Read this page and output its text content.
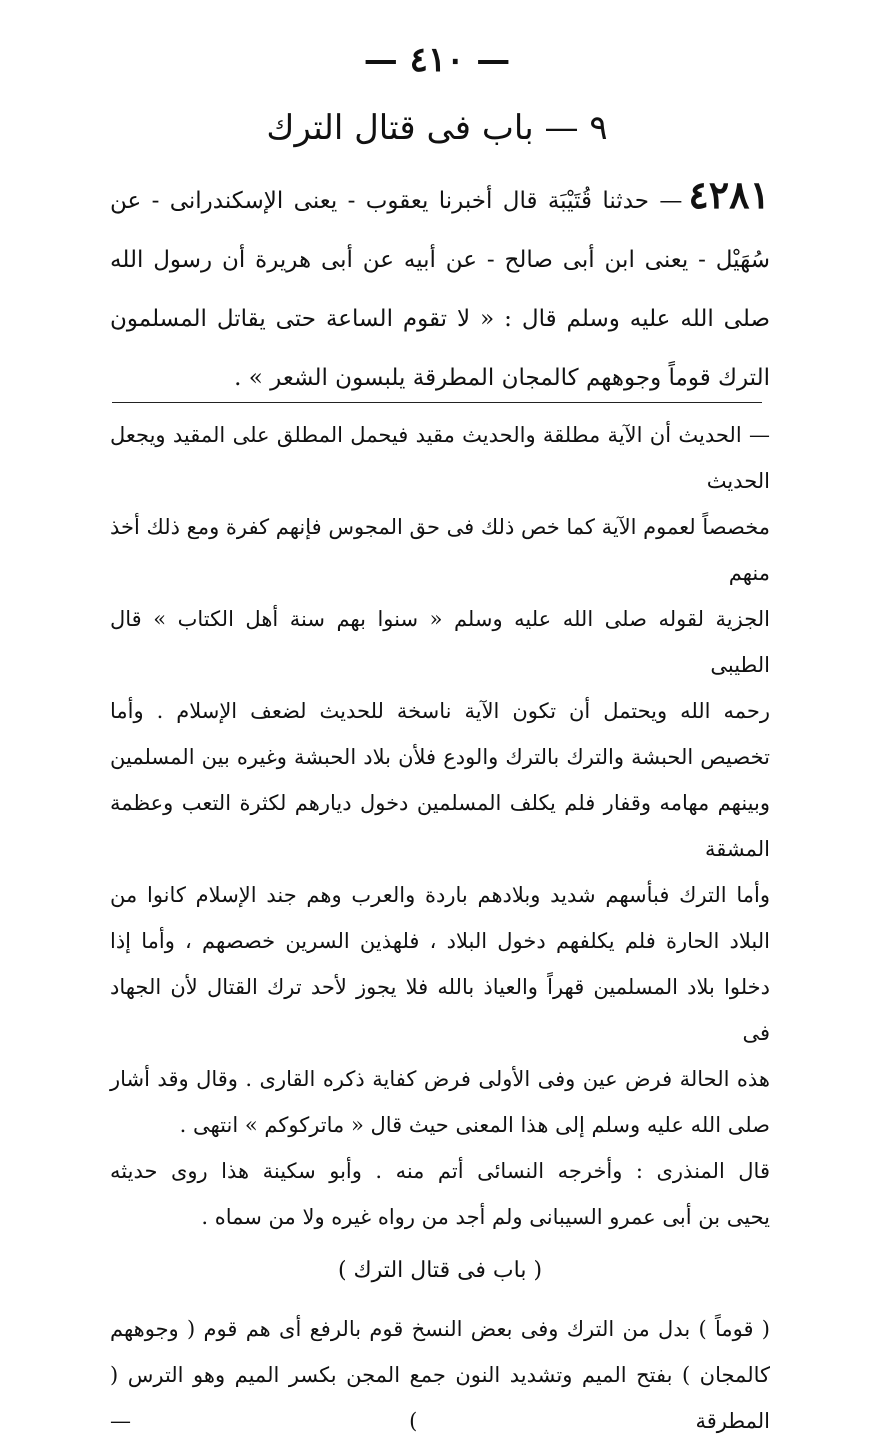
— ٤١٠ —
٩ — باب فى قتال الترك
٤٢٨١— حدثنا قُتَيْبَة قال أخبرنا يعقوب - يعنى الإسكندرانى - عن سُهَيْل - يعنى ابن أبى صالح - عن أبيه عن أبى هريرة أن رسول الله صلى الله عليه وسلم قال : « لا تقوم الساعة حتى يقاتل المسلمون الترك قوماً وجوههم كالمجان المطرقة يلبسون الشعر » .

— الحديث أن الآية مطلقة والحديث مقيد فيحمل المطلق على المقيد ويجعل الحديث

مخصصاً لعموم الآية كما خص ذلك فى حق المجوس فإنهم كفرة ومع ذلك أخذ منهم

الجزية لقوله صلى الله عليه وسلم « سنوا بهم سنة أهل الكتاب » قال الطيبى

رحمه الله ويحتمل أن تكون الآية ناسخة للحديث لضعف الإسلام . وأما

تخصيص الحبشة والترك بالترك والودع فلأن بلاد الحبشة وغيره بين المسلمين

وبينهم مهامه وقفار فلم يكلف المسلمين دخول ديارهم لكثرة التعب وعظمة المشقة

وأما الترك فبأسهم شديد وبلادهم باردة والعرب وهم جند الإسلام كانوا من

البلاد الحارة فلم يكلفهم دخول البلاد ، فلهذين السرين خصصهم ، وأما إذا

دخلوا بلاد المسلمين قهراً والعياذ بالله فلا يجوز لأحد ترك القتال لأن الجهاد فى

هذه الحالة فرض عين وفى الأولى فرض كفاية ذكره القارى . وقال وقد أشار

صلى الله عليه وسلم إلى هذا المعنى حيث قال « ماتركوكم » انتهى .

قال المنذرى : وأخرجه النسائى أتم منه . وأبو سكينة هذا روى حديثه

يحيى بن أبى عمرو السيبانى ولم أجد من رواه غيره ولا من سماه .

( باب فى قتال الترك )

( قوماً ) بدل من الترك وفى بعض النسخ قوم بالرفع أى هم قوم ( وجوههم

كالمجان ) بفتح الميم وتشديد النون جمع المجن بكسر الميم وهو الترس ( المطرقة ) —
